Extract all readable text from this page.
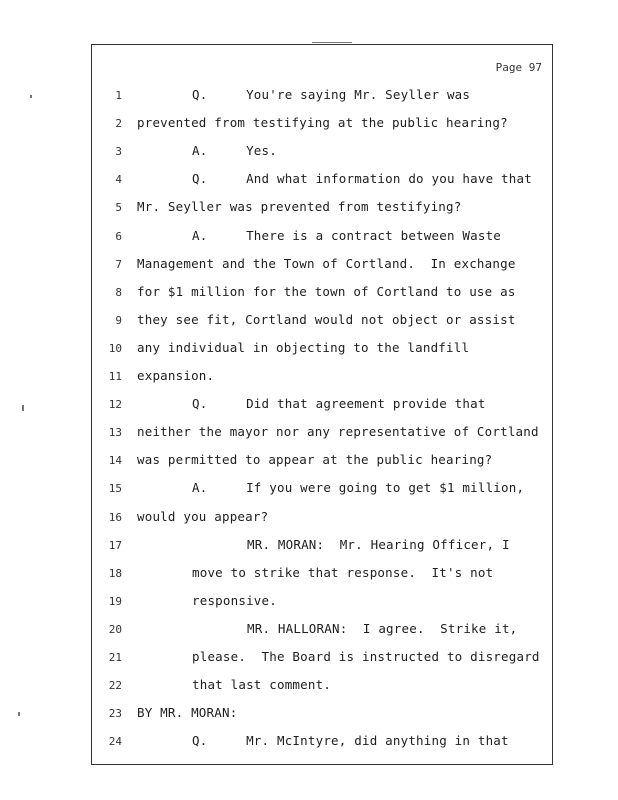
Page 97
1	Q.     You're saying Mr. Seyller was
2 prevented from testifying at the public hearing?
3	A.     Yes.
4	Q.     And what information do you have that
5 Mr. Seyller was prevented from testifying?
6	A.     There is a contract between Waste
7 Management and the Town of Cortland.  In exchange
8 for $1 million for the town of Cortland to use as
9 they see fit, Cortland would not object or assist
10 any individual in objecting to the landfill
11 expansion.
12	Q.     Did that agreement provide that
13 neither the mayor nor any representative of Cortland
14 was permitted to appear at the public hearing?
15	A.     If you were going to get $1 million,
16 would you appear?
17	MR. MORAN:  Mr. Hearing Officer, I
18	move to strike that response.  It's not
19	responsive.
20	MR. HALLORAN:  I agree.  Strike it,
21	please.  The Board is instructed to disregard
22	that last comment.
23 BY MR. MORAN:
24	Q.     Mr. McIntyre, did anything in that
